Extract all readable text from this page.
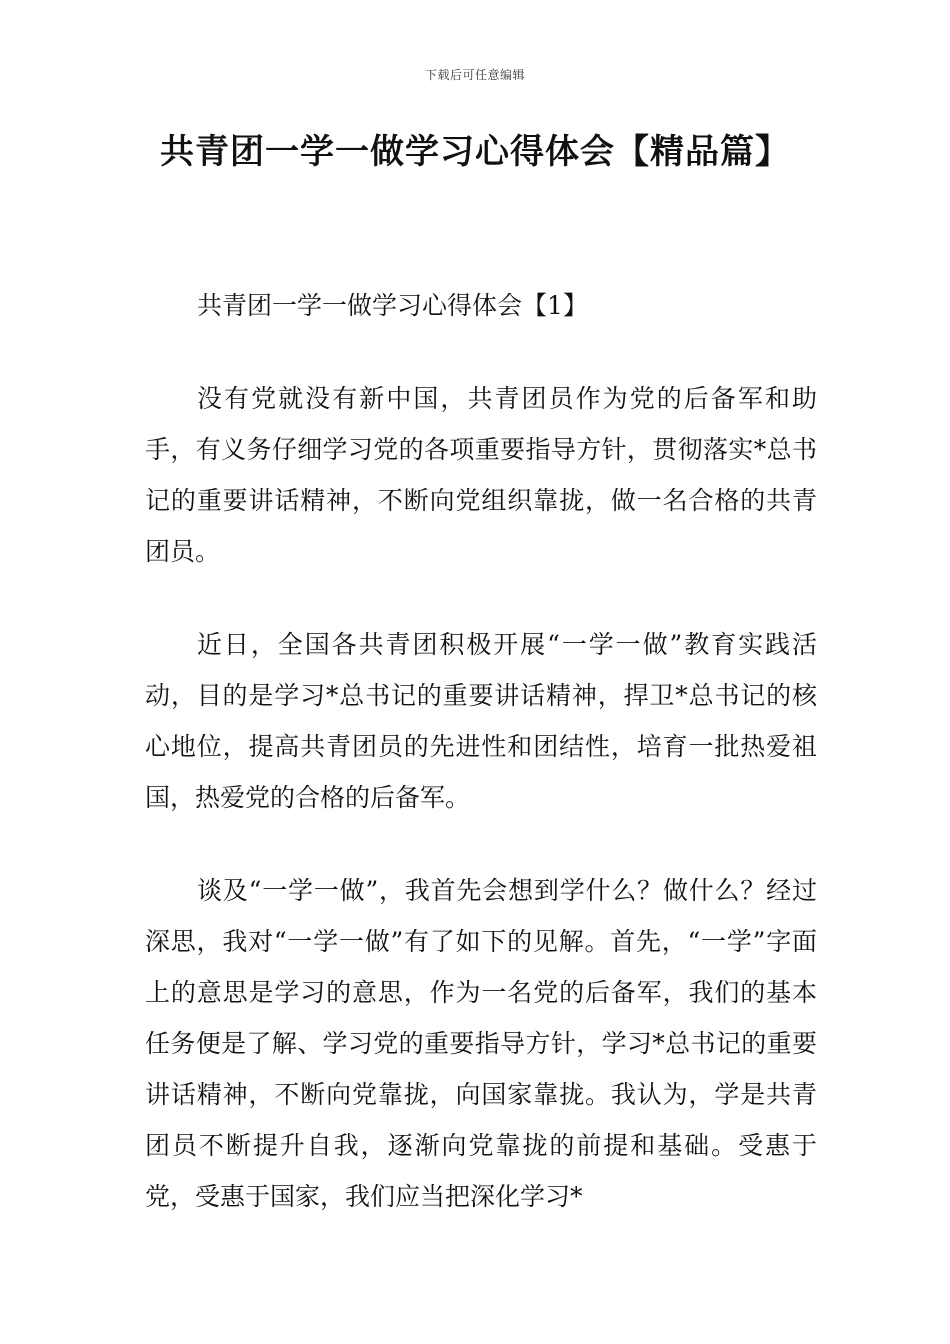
下载后可任意编辑
共青团一学一做学习心得体会【精品篇】

共青团一学一做学习心得体会【1】

没有党就没有新中国，共青团员作为党的后备军和助手，有义务仔细学习党的各项重要指导方针，贯彻落实*总书记的重要讲话精神，不断向党组织靠拢，做一名合格的共青团员。

近日，全国各共青团积极开展“一学一做”教育实践活动，目的是学习*总书记的重要讲话精神，捍卫*总书记的核心地位，提高共青团员的先进性和团结性，培育一批热爱祖国，热爱党的合格的后备军。

谈及“一学一做”，我首先会想到学什么？做什么？经过深思，我对“一学一做”有了如下的见解。首先，“一学”字面上的意思是学习的意思，作为一名党的后备军，我们的基本任务便是了解、学习党的重要指导方针，学习*总书记的重要讲话精神，不断向党靠拢，向国家靠拢。我认为，学是共青团员不断提升自我，逐渐向党靠拢的前提和基础。受惠于党，受惠于国家，我们应当把深化学习*
